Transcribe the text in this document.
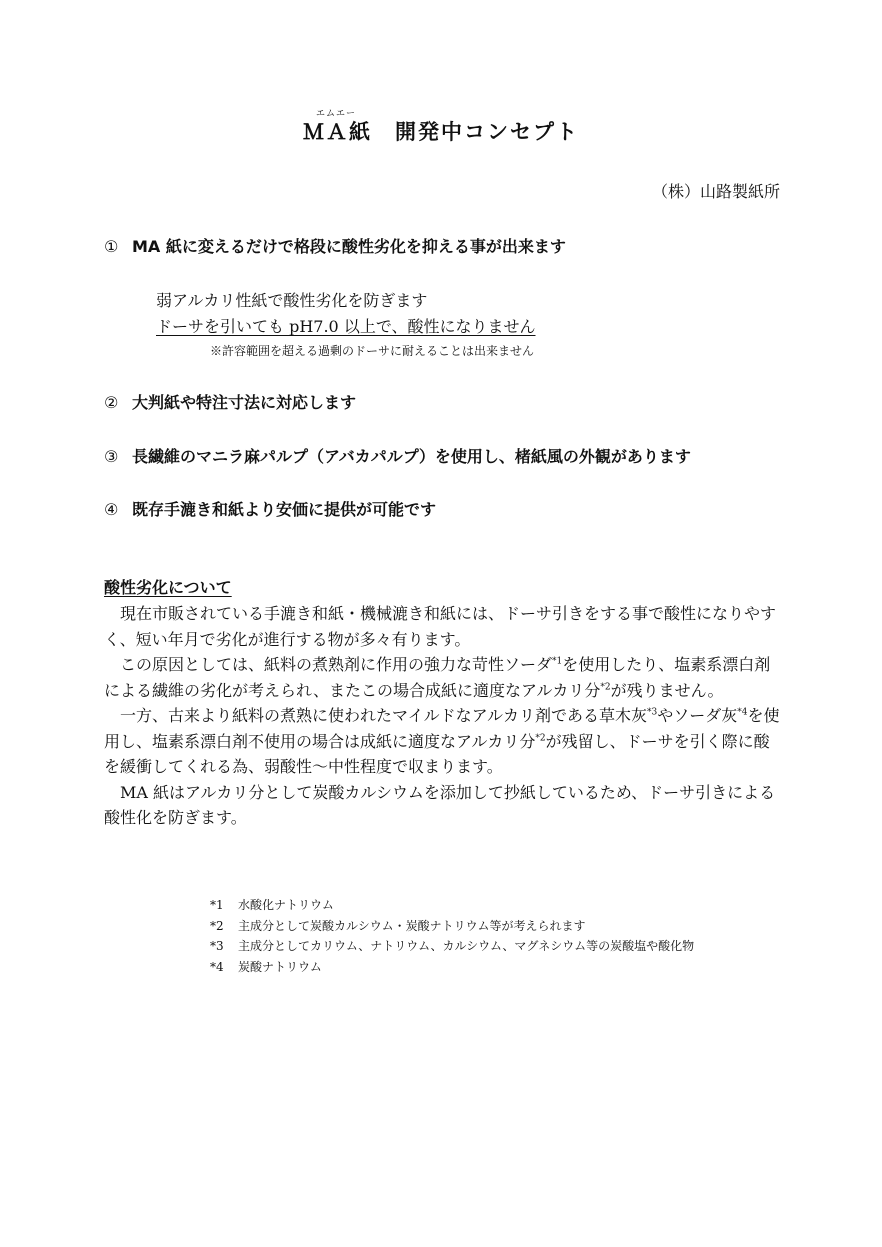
エムエー
ＭＡ紙　開発中コンセプト
（株）山路製紙所
① MA 紙に変えるだけで格段に酸性劣化を抑える事が出来ます
弱アルカリ性紙で酸性劣化を防ぎます
ドーサを引いても pH7.0 以上で、酸性になりません
※許容範囲を超える過剰のドーサに耐えることは出来ません
② 大判紙や特注寸法に対応します
③ 長繊維のマニラ麻パルプ（アバカパルプ）を使用し、楮紙風の外観があります
④ 既存手漉き和紙より安価に提供が可能です
酸性劣化について

現在市販されている手漉き和紙・機械漉き和紙には、ドーサ引きをする事で酸性になりやすく、短い年月で劣化が進行する物が多々有ります。

この原因としては、紙料の煮熟剤に作用の強力な苛性ソーダ$^{*1}$を使用したり、塩素系漂白剤による繊維の劣化が考えられ、またこの場合成紙に適度なアルカリ分$^{*2}$が残りません。

一方、古来より紙料の煮熟に使われたマイルドなアルカリ剤である草木灰$^{*3}$やソーダ灰$^{*4}$を使用し、塩素系漂白剤不使用の場合は成紙に適度なアルカリ分$^{*2}$が残留し、ドーサを引く際に酸を緩衝してくれる為、弱酸性～中性程度で収まります。

MA 紙はアルカリ分として炭酸カルシウムを添加して抄紙しているため、ドーサ引きによる酸性化を防ぎます。

*1 水酸化ナトリウム
*2 主成分として炭酸カルシウム・炭酸ナトリウム等が考えられます
*3 主成分としてカリウム、ナトリウム、カルシウム、マグネシウム等の炭酸塩や酸化物
*4 炭酸ナトリウム
